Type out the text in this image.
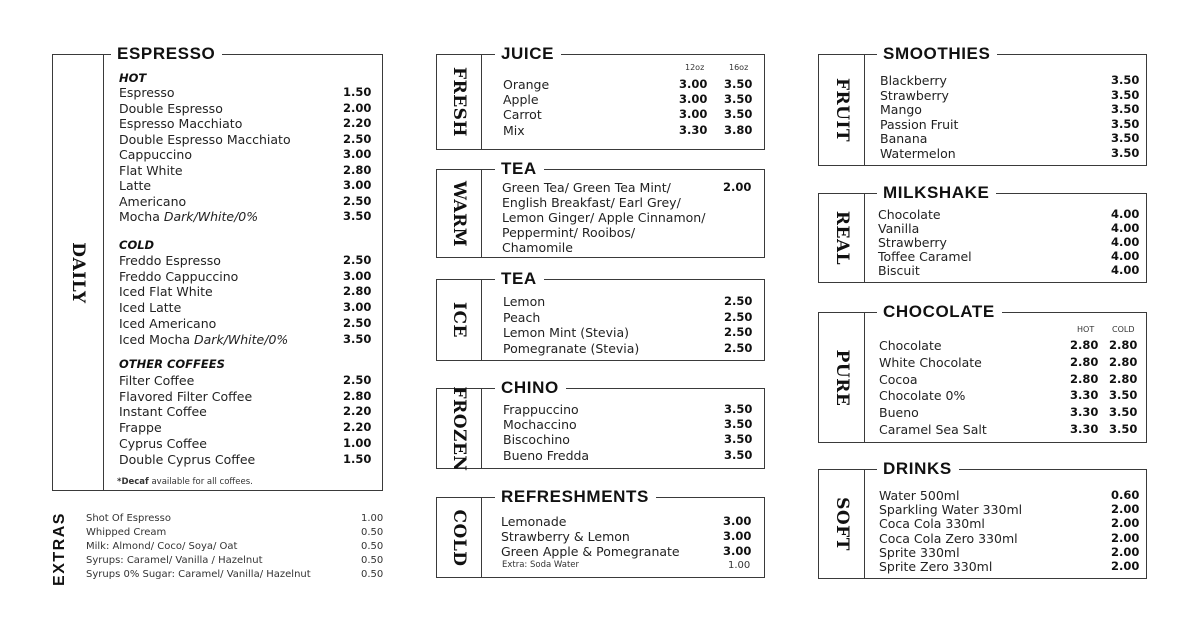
DAILY
ESPRESSO
HOT
Espresso	1.50
Double Espresso	2.00
Espresso Macchiato	2.20
Double Espresso Macchiato	2.50
Cappuccino	3.00
Flat White	2.80
Latte	3.00
Americano	2.50
Mocha Dark/White/0%	3.50
COLD
Freddo Espresso	2.50
Freddo Cappuccino	3.00
Iced Flat White	2.80
Iced Latte	3.00
Iced Americano	2.50
Iced Mocha Dark/White/0%	3.50
OTHER COFFEES
Filter Coffee	2.50
Flavored Filter Coffee	2.80
Instant Coffee	2.20
Frappe	2.20
Cyprus Coffee	1.00
Double Cyprus Coffee	1.50
*Decaf available for all coffees.
EXTRAS Shot Of Espresso	1.00
Whipped Cream	0.50
Milk: Almond/ Coco/ Soya/ Oat	0.50
Syrups: Caramel/ Vanilla / Hazelnut	0.50
Syrups 0% Sugar: Caramel/ Vanilla/ Hazelnut	0.50
FRESH
JUICE
12oz	16oz
Orange	3.00 3.50
Apple	3.00 3.50
Carrot	3.00 3.50
Mix	3.30 3.80
WARM
TEA
Green Tea/ Green Tea Mint/
English Breakfast/ Earl Grey/
Lemon Ginger/ Apple Cinnamon/
Peppermint/ Rooibos/
Chamomile
2.00
ICE
TEA
Lemon	2.50
Peach	2.50
Lemon Mint (Stevia)	2.50
Pomegranate (Stevia)	2.50
FROZEN	CHINO
Frappuccino	3.50
Mochaccino	3.50
Biscochino	3.50
Bueno Fredda	3.50
COLD
REFRESHMENTS
Lemonade	3.00
Strawberry & Lemon	3.00
Green Apple & Pomegranate	3.00
Extra: Soda Water	1.00
FRUIT
SMOOTHIES
Blackberry	3.50
Strawberry	3.50
Mango	3.50
Passion Fruit	3.50
Banana	3.50
Watermelon	3.50
REAL
MILKSHAKE
Chocolate	4.00
Vanilla	4.00
Strawberry	4.00
Toffee Caramel	4.00
Biscuit	4.00
PURE
CHOCOLATE
HOT COLD
Chocolate	2.80 2.80
White Chocolate	2.80 2.80
Cocoa	2.80 2.80
Chocolate 0%	3.30 3.50
Bueno	3.30 3.50
Caramel Sea Salt	3.30 3.50
SOFT
DRINKS
Water 500ml	0.60
Sparkling Water 330ml	2.00
Coca Cola 330ml	2.00
Coca Cola Zero 330ml	2.00
Sprite 330ml	2.00
Sprite Zero 330ml	2.00
